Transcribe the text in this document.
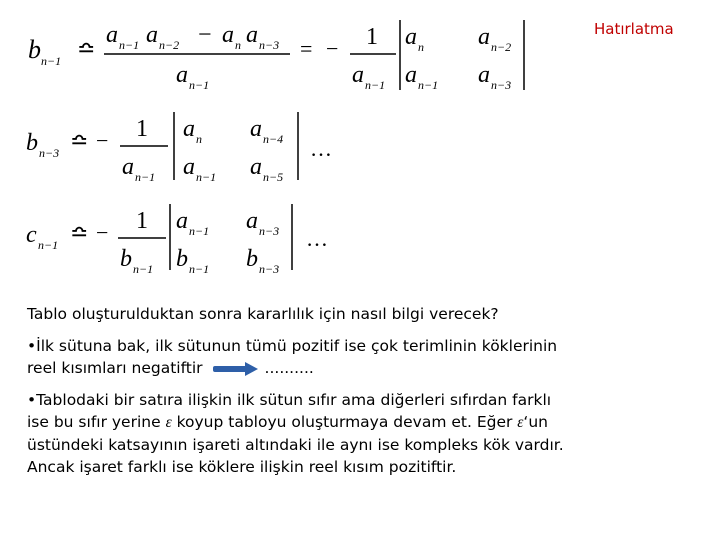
Hatırlatma
b n−1 ≏
a n−1 a n−2 − a n a n−3
a n−1
= − 1
a n−1
a n
a n−1
a n−2
a n−3
b n−3 ≏ − 1
a n−1
a n
a n−1
a n−4
a n−5
…
c n−1 ≏ − 1
b n−1
a n−1
b n−1
a n−3
b n−3
…

Tablo oluşturulduktan sonra kararlılık için nasıl bilgi verecek?

•İlk sütuna bak, ilk sütunun tümü pozitif ise çok terimlinin köklerinin

reel kısımları negatiftir	..........

•Tablodaki bir satıra ilişkin ilk sütun sıfır ama diğerleri sıfırdan farklı

ise bu sıfır yerine ε koyup tabloyu oluşturmaya devam et. Eğer ε‘un

üstündeki katsayının işareti altındaki ile aynı ise kompleks kök vardır.

Ancak işaret farklı ise köklere ilişkin reel kısım pozitiftir.
